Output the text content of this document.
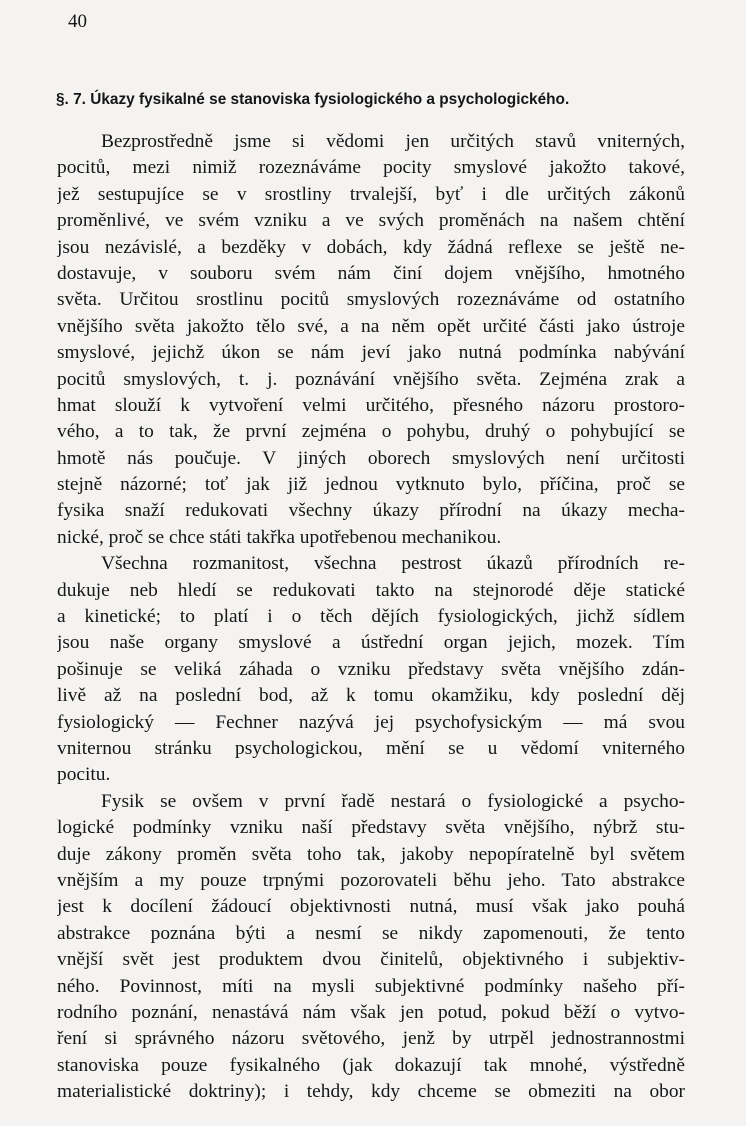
40
§. 7. Úkazy fysikalné se stanoviska fysiologického a psychologického.
Bezprostředně jsme si vědomi jen určitých stavů vniterných,
pocitů, mezi nimiž rozeznáváme pocity smyslové jakožto takové,
jež sestupujíce se v srostliny trvalejší, byť i dle určitých zákonů
proměnlivé, ve svém vzniku a ve svých proměnách na našem chtění
jsou nezávislé, a bezděky v dobách, kdy žádná reflexe se ještě ne-
dostavuje, v souboru svém nám činí dojem vnějšího, hmotného
světa. Určitou srostlinu pocitů smyslových rozeznáváme od ostatního
vnějšího světa jakožto tělo své, a na něm opět určité části jako ústroje
smyslové, jejichž úkon se nám jeví jako nutná podmínka nabývání
pocitů smyslových, t. j. poznávání vnějšího světa. Zejména zrak a
hmat slouží k vytvoření velmi určitého, přesného názoru prostoro-
vého, a to tak, že první zejména o pohybu, druhý o pohybující se
hmotě nás poučuje. V jiných oborech smyslových není určitosti
stejně názorné; toť jak již jednou vytknuto bylo, příčina, proč se
fysika snaží redukovati všechny úkazy přírodní na úkazy mecha-
nické, proč se chce státi takřka upotřebenou mechanikou.
Všechna rozmanitost, všechna pestrost úkazů přírodních re-
dukuje neb hledí se redukovati takto na stejnorodé děje statické
a kinetické; to platí i o těch dějích fysiologických, jichž sídlem
jsou naše organy smyslové a ústřední organ jejich, mozek. Tím
pošinuje se veliká záhada o vzniku představy světa vnějšího zdán-
livě až na poslední bod, až k tomu okamžiku, kdy poslední děj
fysiologický — Fechner nazývá jej psychofysickým — má svou
vniternou stránku psychologickou, mění se u vědomí vniterného
pocitu.
Fysik se ovšem v první řadě nestará o fysiologické a psycho-
logické podmínky vzniku naší představy světa vnějšího, nýbrž stu-
duje zákony proměn světa toho tak, jakoby nepopíratelně byl světem
vnějším a my pouze trpnými pozorovateli běhu jeho. Tato abstrakce
jest k docílení žádoucí objektivnosti nutná, musí však jako pouhá
abstrakce poznána býti a nesmí se nikdy zapomenouti, že tento
vnější svět jest produktem dvou činitelů, objektivného i subjektiv-
ného. Povinnost, míti na mysli subjektivné podmínky našeho pří-
rodního poznání, nenastává nám však jen potud, pokud běží o vytvo-
ření si správného názoru světového, jenž by utrpěl jednostrannostmi
stanoviska pouze fysikalného (jak dokazují tak mnohé, výstředně
materialistické doktriny); i tehdy, kdy chceme se obmeziti na obor
